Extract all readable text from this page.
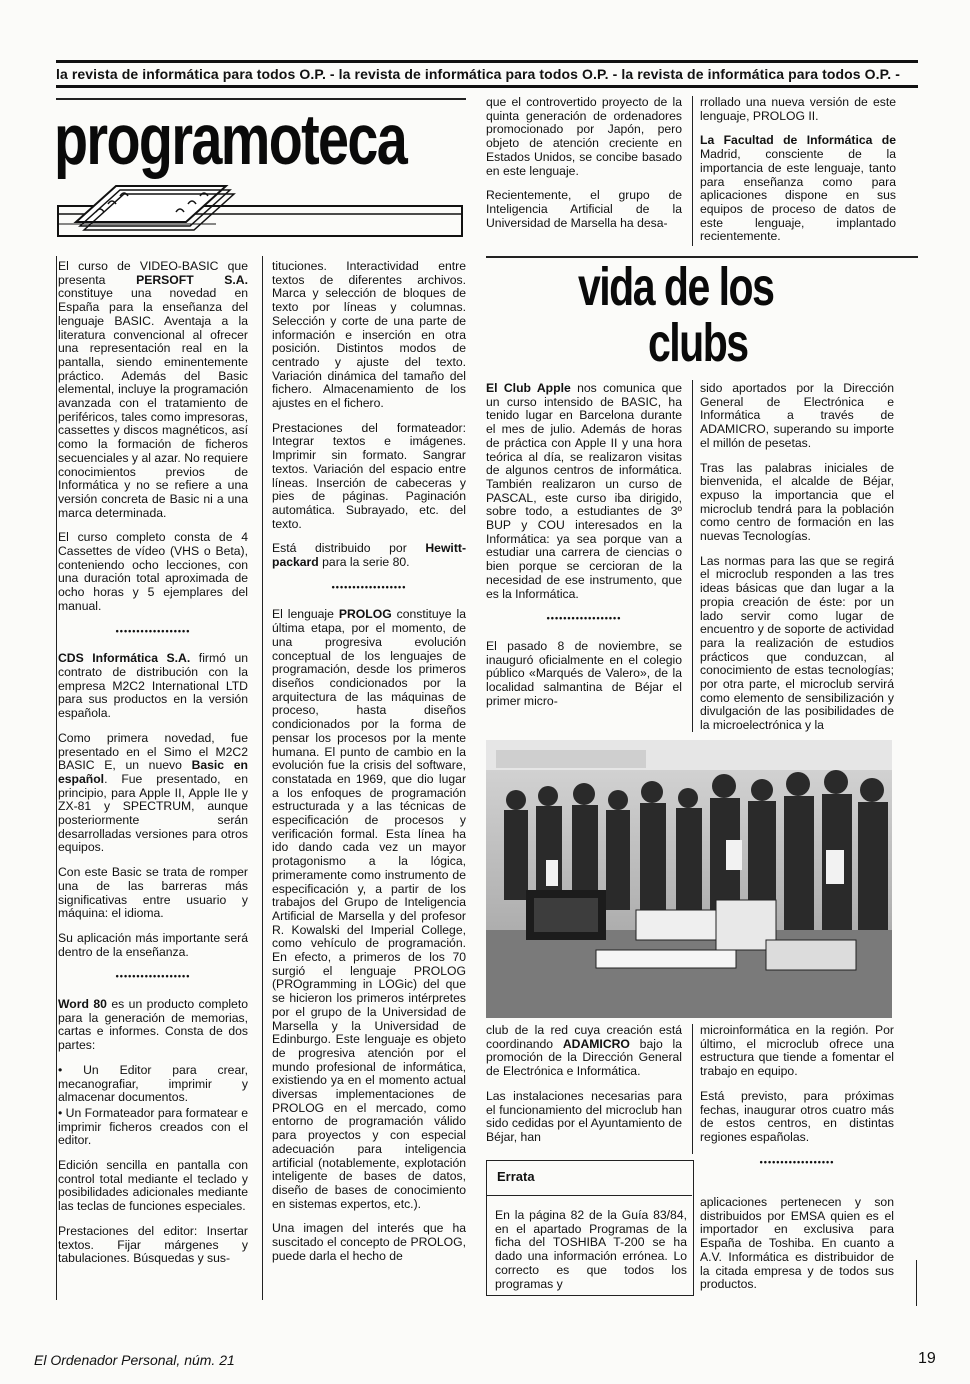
la revista de informática para todos O.P. - la revista de informática para todos O.P. - la revista de informática para todos O.P. -
programoteca	que el controvertido proyecto de la quinta generación de ordenadores promocionado por Japón, pero objeto de atención creciente en Estados Unidos, se concibe basado en este lenguaje.

Recientemente, el grupo de Inteligencia Artificial de la Universidad de Marsella ha desa-

rrollado una nueva versión de este lenguaje, PROLOG II.

La Facultad de Informática de Madrid, consciente de la importancia de este lenguaje, tanto para enseñanza como para aplicaciones dispone en sus equipos de proceso de datos de este lenguaje, implantado recientemente.

El curso de VIDEO-BASIC que presenta PERSOFT S.A. constituye una novedad en España para la enseñanza del lenguaje BASIC. Aventaja a la literatura convencional al ofrecer una representación real en la pantalla, siendo eminentemente práctico. Además del Basic elemental, incluye la programación avanzada con el tratamiento de periféricos, tales como impresoras, cassettes y discos magnéticos, así como la formación de ficheros secuenciales y al azar. No requiere conocimientos previos de Informática y no se refiere a una versión concreta de Basic ni a una marca determinada.

El curso completo consta de 4 Cassettes de vídeo (VHS o Beta), conteniendo ocho lecciones, con una duración total aproximada de ocho horas y 5 ejemplares del manual.

••••••••••••••••••

CDS Informática S.A. firmó un contrato de distribución con la empresa M2C2 International LTD para sus productos en la versión española.

Como primera novedad, fue presentado en el Simo el M2C2 BASIC E, un nuevo Basic en español. Fue presentado, en principio, para Apple II, Apple IIe y ZX-81 y SPECTRUM, aunque posteriormente serán desarrolladas versiones para otros equipos.

Con este Basic se trata de romper una de las barreras más significativas entre usuario y máquina: el idioma.

Su aplicación más importante será dentro de la enseñanza.

••••••••••••••••••

Word 80 es un producto completo para la generación de memorias, cartas e informes. Consta de dos partes:

• Un Editor para crear, mecanografiar, imprimir y almacenar documentos.

• Un Formateador para formatear e imprimir ficheros creados con el editor.

Edición sencilla en pantalla con control total mediante el teclado y posibilidades adicionales mediante las teclas de funciones especiales.

Prestaciones del editor: Insertar textos. Fijar márgenes y tabulaciones. Búsquedas y sus-

tituciones. Interactividad entre textos de diferentes archivos. Marca y selección de bloques de texto por líneas y columnas. Selección y corte de una parte de información e inserción en otra posición. Distintos modos de centrado y ajuste del texto. Variación dinámica del tamaño del fichero. Almacenamiento de los ajustes en el fichero.

Prestaciones del formateador: Integrar textos e imágenes. Imprimir sin formato. Sangrar textos. Variación del espacio entre líneas. Inserción de cabeceras y pies de páginas. Paginación automática. Subrayado, etc. del texto.

Está distribuido por Hewitt-packard para la serie 80.

••••••••••••••••••

El lenguaje PROLOG constituye la última etapa, por el momento, de una progresiva evolución conceptual de los lenguajes de programación, desde los primeros diseños condicionados por la arquitectura de las máquinas de proceso, hasta diseños condicionados por la forma de pensar los procesos por la mente humana. El punto de cambio en la evolución fue la crisis del software, constatada en 1969, que dio lugar a los enfoques de programación estructurada y a las técnicas de especificación de procesos y verificación formal. Esta línea ha ido dando cada vez un mayor protagonismo a la lógica, primeramente como instrumento de especificación y, a partir de los trabajos del Grupo de Inteligencia Artificial de Marsella y del profesor R. Kowalski del Imperial College, como vehículo de programación. En efecto, a primeros de los 70 surgió el lenguaje PROLOG (PROgramming in LOGic) del que se hicieron los primeros intérpretes por el grupo de la Universidad de Marsella y la Universidad de Edinburgo. Este lenguaje es objeto de progresiva atención por el mundo profesional de informática, existiendo ya en el momento actual diversas implementaciones de PROLOG en el mercado, como entorno de programación válido para proyectos y con especial adecuación para inteligencia artificial (notablemente, explotación inteligente de bases de datos, diseño de bases de conocimiento en sistemas expertos, etc.).

Una imagen del interés que ha suscitado el concepto de PROLOG, puede darla el hecho de

vida de los
clubs

El Club Apple nos comunica que un curso intensido de BASIC, ha tenido lugar en Barcelona durante el mes de julio. Además de horas de práctica con Apple II y una hora teórica al día, se realizaron visitas de algunos centros de informática. También realizaron un curso de PASCAL, este curso iba dirigido, sobre todo, a estudiantes de 3º BUP y COU interesados en la Informática: ya sea porque van a estudiar una carrera de ciencias o bien porque se cercioran de la necesidad de ese instrumento, que es la Informática.

••••••••••••••••••

El pasado 8 de noviembre, se inauguró oficialmente en el colegio público «Marqués de Valero», de la localidad salmantina de Béjar el primer micro-

sido aportados por la Dirección General de Electrónica e Informática a través de ADAMICRO, superando su importe el millón de pesetas.

Tras las palabras iniciales de bienvenida, el alcalde de Béjar, expuso la importancia que el microclub tendrá para la población como centro de formación en las nuevas Tecnologías.

Las normas para las que se regirá el microclub responden a las tres ideas básicas que dan lugar a la propia creación de éste: por un lado servir como lugar de encuentro y de soporte de actividad para la realización de estudios prácticos que conduzcan, al conocimiento de estas tecnologías; por otra parte, el microclub servirá como elemento de sensibilización y divulgación de las posibilidades de la microelectrónica y la

club de la red cuya creación está coordinando ADAMICRO bajo la promoción de la Dirección General de Electrónica e Informática.

Las instalaciones necesarias para el funcionamiento del microclub han sido cedidas por el Ayuntamiento de Béjar, han

microinformática en la región. Por último, el microclub ofrece una estructura que tiende a fomentar el trabajo en equipo.

Está previsto, para próximas fechas, inaugurar otros cuatro más de estos centros, en distintas regiones españolas.

••••••••••••••••••
Errata
En la página 82 de la Guía 83/84, en el apartado Programas de la ficha del TOSHIBA T-200 se ha dado una información errónea. Lo correcto es que todos los programas y
aplicaciones pertenecen y son distribuidos por EMSA quien es el importador en exclusiva para España de Toshiba. En cuanto a A.V. Informática es distribuidor de la citada empresa y de todos sus productos.
El Ordenador Personal, núm. 21	19
